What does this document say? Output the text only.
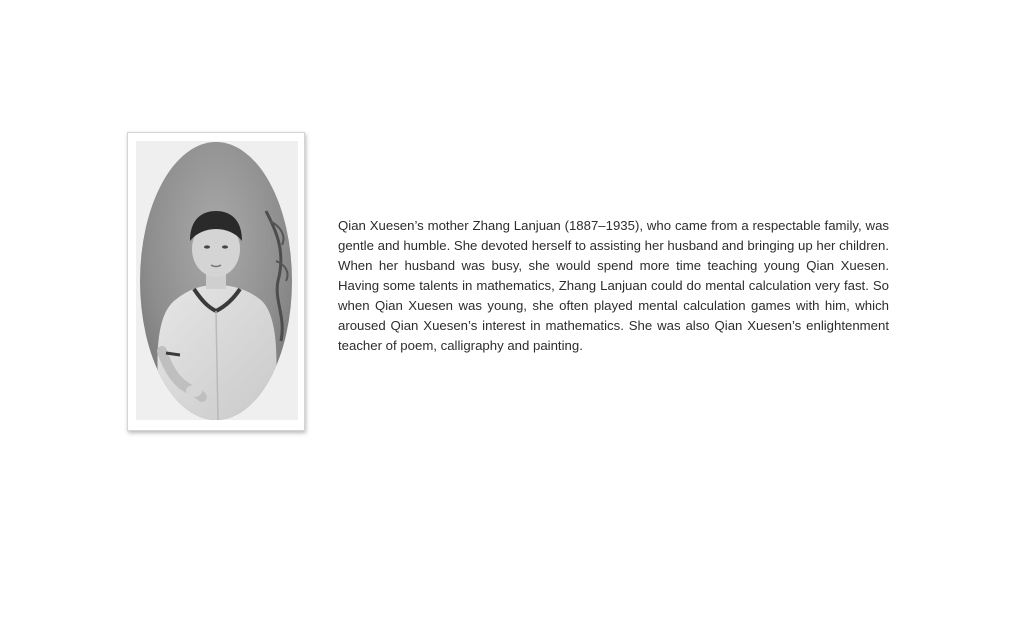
Qian Xuesen’s mother Zhang Lanjuan (1887–1935), who came from a respectable family, was gentle and humble. She devoted herself to assisting her husband and bringing up her children. When her husband was busy, she would spend more time teaching young Qian Xuesen. Having some talents in mathematics, Zhang Lanjuan could do mental calculation very fast. So when Qian Xuesen was young, she often played mental calculation games with him, which aroused Qian Xuesen’s interest in mathematics. She was also Qian Xuesen’s enlightenment teacher of poem, calligraphy and painting.
